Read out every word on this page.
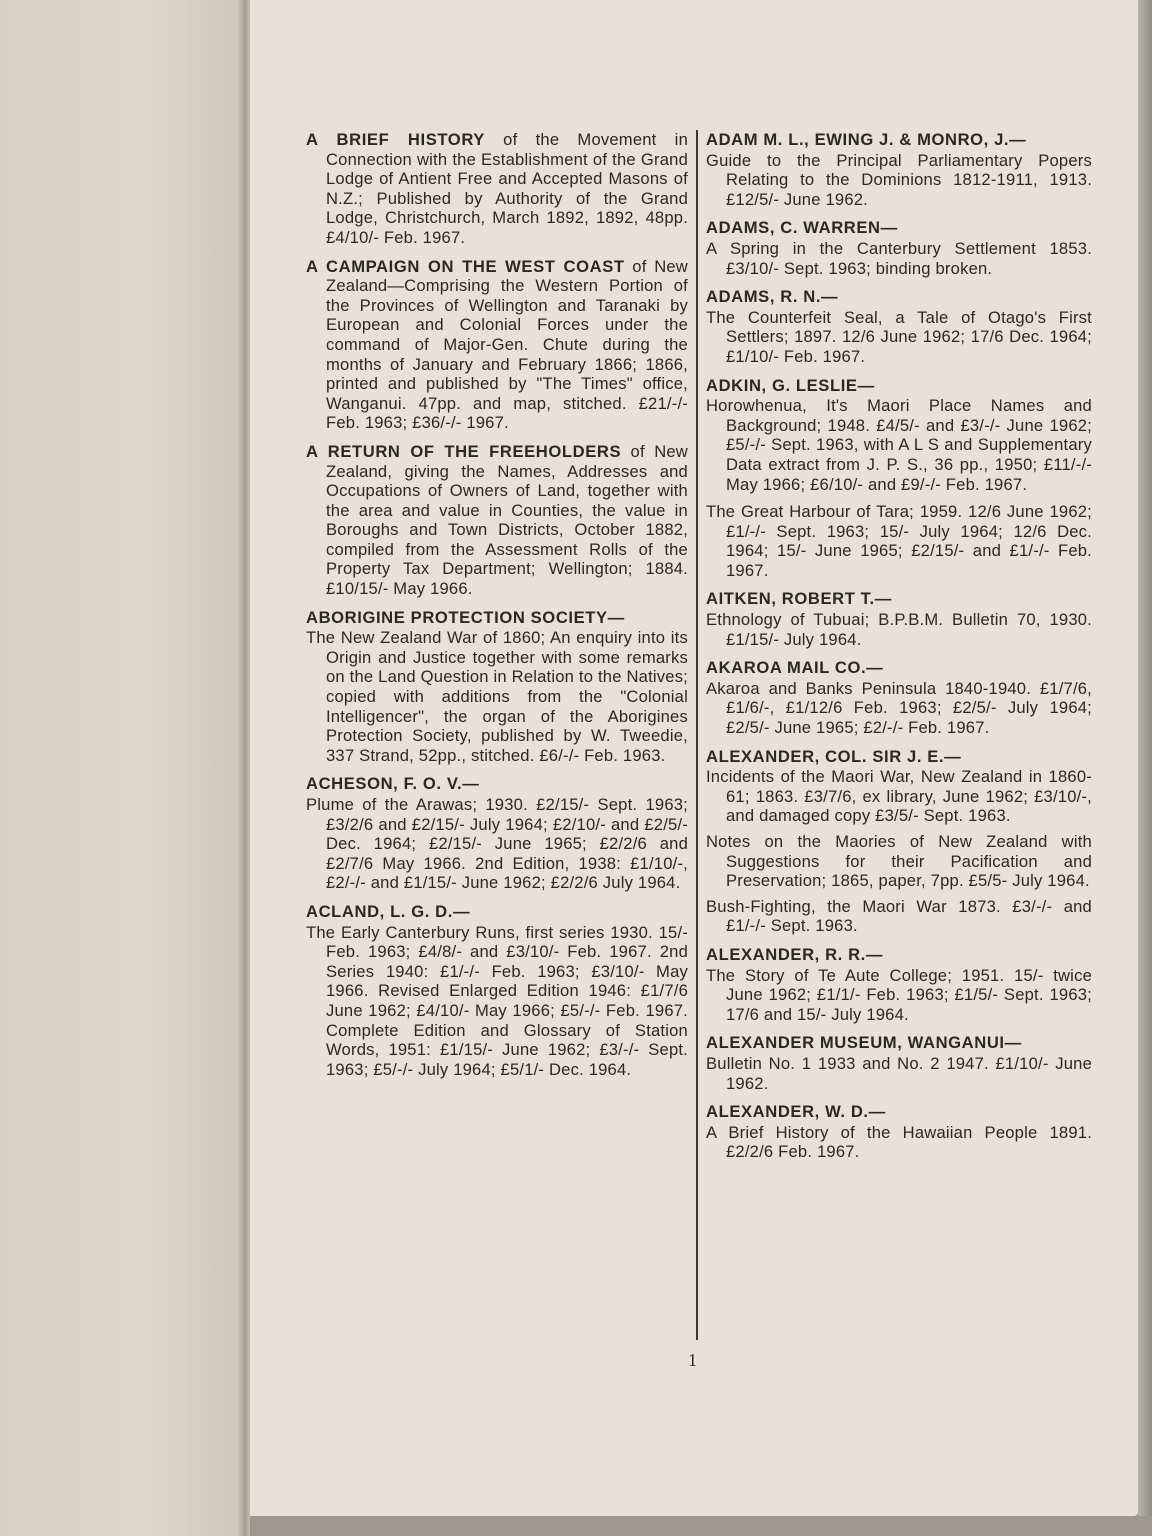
A BRIEF HISTORY of the Movement in Connection with the Establishment of the Grand Lodge of Antient Free and Accepted Masons of N.Z.; Published by Authority of the Grand Lodge, Christchurch, March 1892, 1892, 48pp. £4/10/- Feb. 1967.

A CAMPAIGN ON THE WEST COAST of New Zealand—Comprising the Western Portion of the Provinces of Wellington and Taranaki by European and Colonial Forces under the command of Major-Gen. Chute during the months of January and February 1866; 1866, printed and published by "The Times" office, Wanganui. 47pp. and map, stitched. £21/-/- Feb. 1963; £36/-/- 1967.

A RETURN OF THE FREEHOLDERS of New Zealand, giving the Names, Addresses and Occupations of Owners of Land, together with the area and value in Counties, the value in Boroughs and Town Districts, October 1882, compiled from the Assessment Rolls of the Property Tax Department; Wellington; 1884. £10/15/- May 1966.

ABORIGINE PROTECTION SOCIETY—

The New Zealand War of 1860; An enquiry into its Origin and Justice together with some remarks on the Land Question in Relation to the Natives; copied with additions from the "Colonial Intelligencer", the organ of the Aborigines Protection Society, published by W. Tweedie, 337 Strand, 52pp., stitched. £6/-/- Feb. 1963.

ACHESON, F. O. V.—

Plume of the Arawas; 1930. £2/15/- Sept. 1963; £3/2/6 and £2/15/- July 1964; £2/10/- and £2/5/- Dec. 1964; £2/15/- June 1965; £2/2/6 and £2/7/6 May 1966. 2nd Edition, 1938: £1/10/-, £2/-/- and £1/15/- June 1962; £2/2/6 July 1964.

ACLAND, L. G. D.—

The Early Canterbury Runs, first series 1930. 15/- Feb. 1963; £4/8/- and £3/10/- Feb. 1967. 2nd Series 1940: £1/-/- Feb. 1963; £3/10/- May 1966. Revised Enlarged Edition 1946: £1/7/6 June 1962; £4/10/- May 1966; £5/-/- Feb. 1967. Complete Edition and Glossary of Station Words, 1951: £1/15/- June 1962; £3/-/- Sept. 1963; £5/-/- July 1964; £5/1/- Dec. 1964.

ADAM M. L., EWING J. & MONRO, J.—

Guide to the Principal Parliamentary Popers Relating to the Dominions 1812-1911, 1913. £12/5/- June 1962.

ADAMS, C. WARREN—

A Spring in the Canterbury Settlement 1853. £3/10/- Sept. 1963; binding broken.

ADAMS, R. N.—

The Counterfeit Seal, a Tale of Otago's First Settlers; 1897. 12/6 June 1962; 17/6 Dec. 1964; £1/10/- Feb. 1967.

ADKIN, G. LESLIE—

Horowhenua, It's Maori Place Names and Background; 1948. £4/5/- and £3/-/- June 1962; £5/-/- Sept. 1963, with A L S and Supplementary Data extract from J. P. S., 36 pp., 1950; £11/-/- May 1966; £6/10/- and £9/-/- Feb. 1967.

The Great Harbour of Tara; 1959. 12/6 June 1962; £1/-/- Sept. 1963; 15/- July 1964; 12/6 Dec. 1964; 15/- June 1965; £2/15/- and £1/-/- Feb. 1967.

AITKEN, ROBERT T.—

Ethnology of Tubuai; B.P.B.M. Bulletin 70, 1930. £1/15/- July 1964.

AKAROA MAIL CO.—

Akaroa and Banks Peninsula 1840-1940. £1/7/6, £1/6/-, £1/12/6 Feb. 1963; £2/5/- July 1964; £2/5/- June 1965; £2/-/- Feb. 1967.

ALEXANDER, COL. SIR J. E.—

Incidents of the Maori War, New Zealand in 1860-61; 1863. £3/7/6, ex library, June 1962; £3/10/-, and damaged copy £3/5/- Sept. 1963.

Notes on the Maories of New Zealand with Suggestions for their Pacification and Preservation; 1865, paper, 7pp. £5/5- July 1964.

Bush-Fighting, the Maori War 1873. £3/-/- and £1/-/- Sept. 1963.

ALEXANDER, R. R.—

The Story of Te Aute College; 1951. 15/- twice June 1962; £1/1/- Feb. 1963; £1/5/- Sept. 1963; 17/6 and 15/- July 1964.

ALEXANDER MUSEUM, WANGANUI—

Bulletin No. 1 1933 and No. 2 1947. £1/10/- June 1962.

ALEXANDER, W. D.—

A Brief History of the Hawaiian People 1891. £2/2/6 Feb. 1967.

1
